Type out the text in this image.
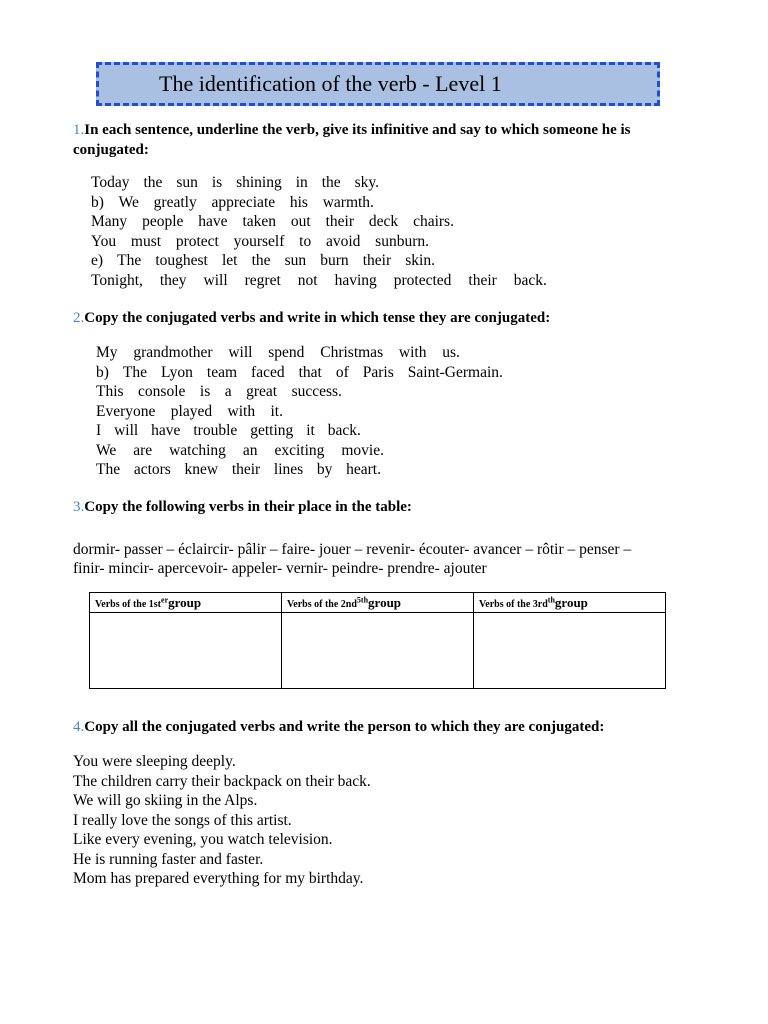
The identification of the verb - Level 1
1.In each sentence, underline the verb, give its infinitive and say to which someone he is conjugated:
Today the sun is shining in the sky.
b) We greatly appreciate his warmth.
Many people have taken out their deck chairs.
You must protect yourself to avoid sunburn.
e) The toughest let the sun burn their skin.
Tonight, they will regret not having protected their back.
2.Copy the conjugated verbs and write in which tense they are conjugated:
My grandmother will spend Christmas with us.
b) The Lyon team faced that of Paris Saint-Germain.
This console is a great success.
Everyone played with it.
I will have trouble getting it back.
We are watching an exciting movie.
The actors knew their lines by heart.
3.Copy the following verbs in their place in the table:
dormir- passer – éclaircir- pâlir – faire- jouer – revenir- écouter- avancer – rôtir – penser –
finir- mincir- apercevoir- appeler- vernir- peindre- prendre- ajouter
Verbs of the $1st^{er}group$	Verbs of the $2nd^{5th}group$	Verbs of the $3rd^{th}group$

4.Copy all the conjugated verbs and write the person to which they are conjugated:
You were sleeping deeply.
The children carry their backpack on their back.
We will go skiing in the Alps.
I really love the songs of this artist.
Like every evening, you watch television.
He is running faster and faster.
Mom has prepared everything for my birthday.
